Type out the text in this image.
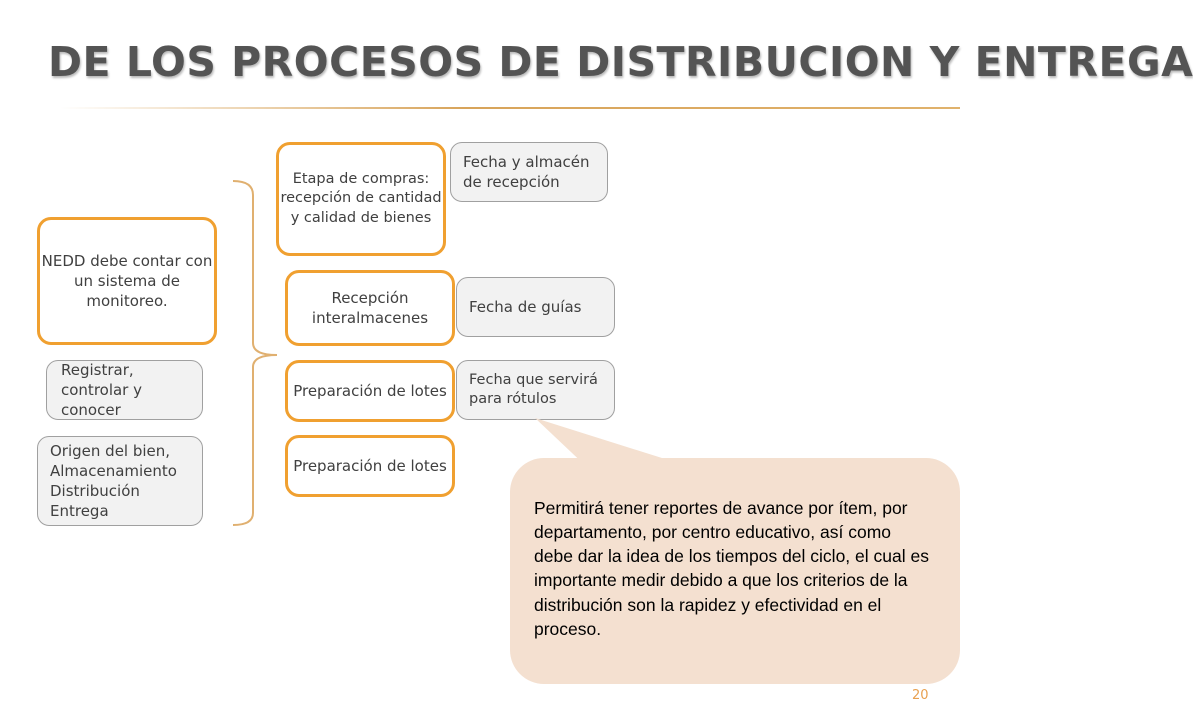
DE LOS PROCESOS DE DISTRIBUCION Y ENTREGA
NEDD debe contar con un sistema de monitoreo.
Registrar, controlar y conocer
Origen del bien, Almacenamiento Distribución Entrega
Etapa de compras: recepción de cantidad y calidad de bienes
Recepción interalmacenes
Preparación de lotes
Preparación de lotes
Fecha y almacén de recepción
Fecha de guías
Fecha que servirá para rótulos
Permitirá tener reportes de avance por ítem, por departamento, por centro educativo, así como debe dar la idea de los tiempos del ciclo, el cual es importante medir debido a que los criterios de la distribución son la rapidez y efectividad en el proceso.
20
